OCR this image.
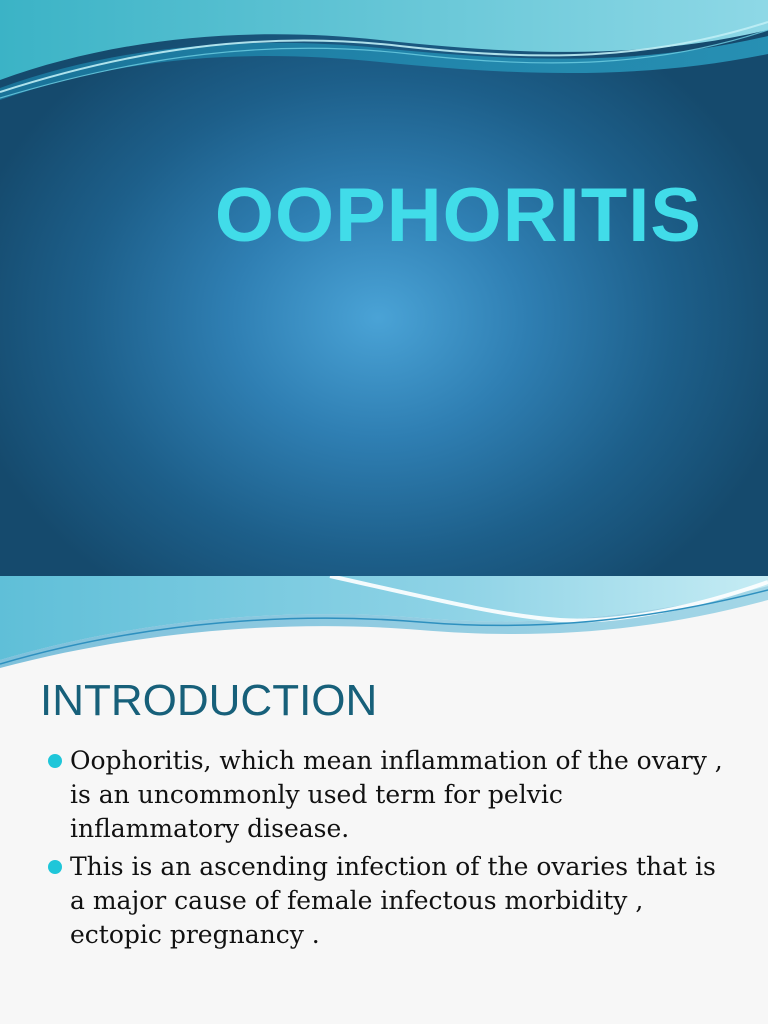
OOPHORITIS
INTRODUCTION
Oophoritis, which mean inflammation of the ovary , is an uncommonly used term for pelvic inflammatory disease.
This is an ascending infection of the ovaries that is a major cause of female infectous morbidity , ectopic pregnancy .
